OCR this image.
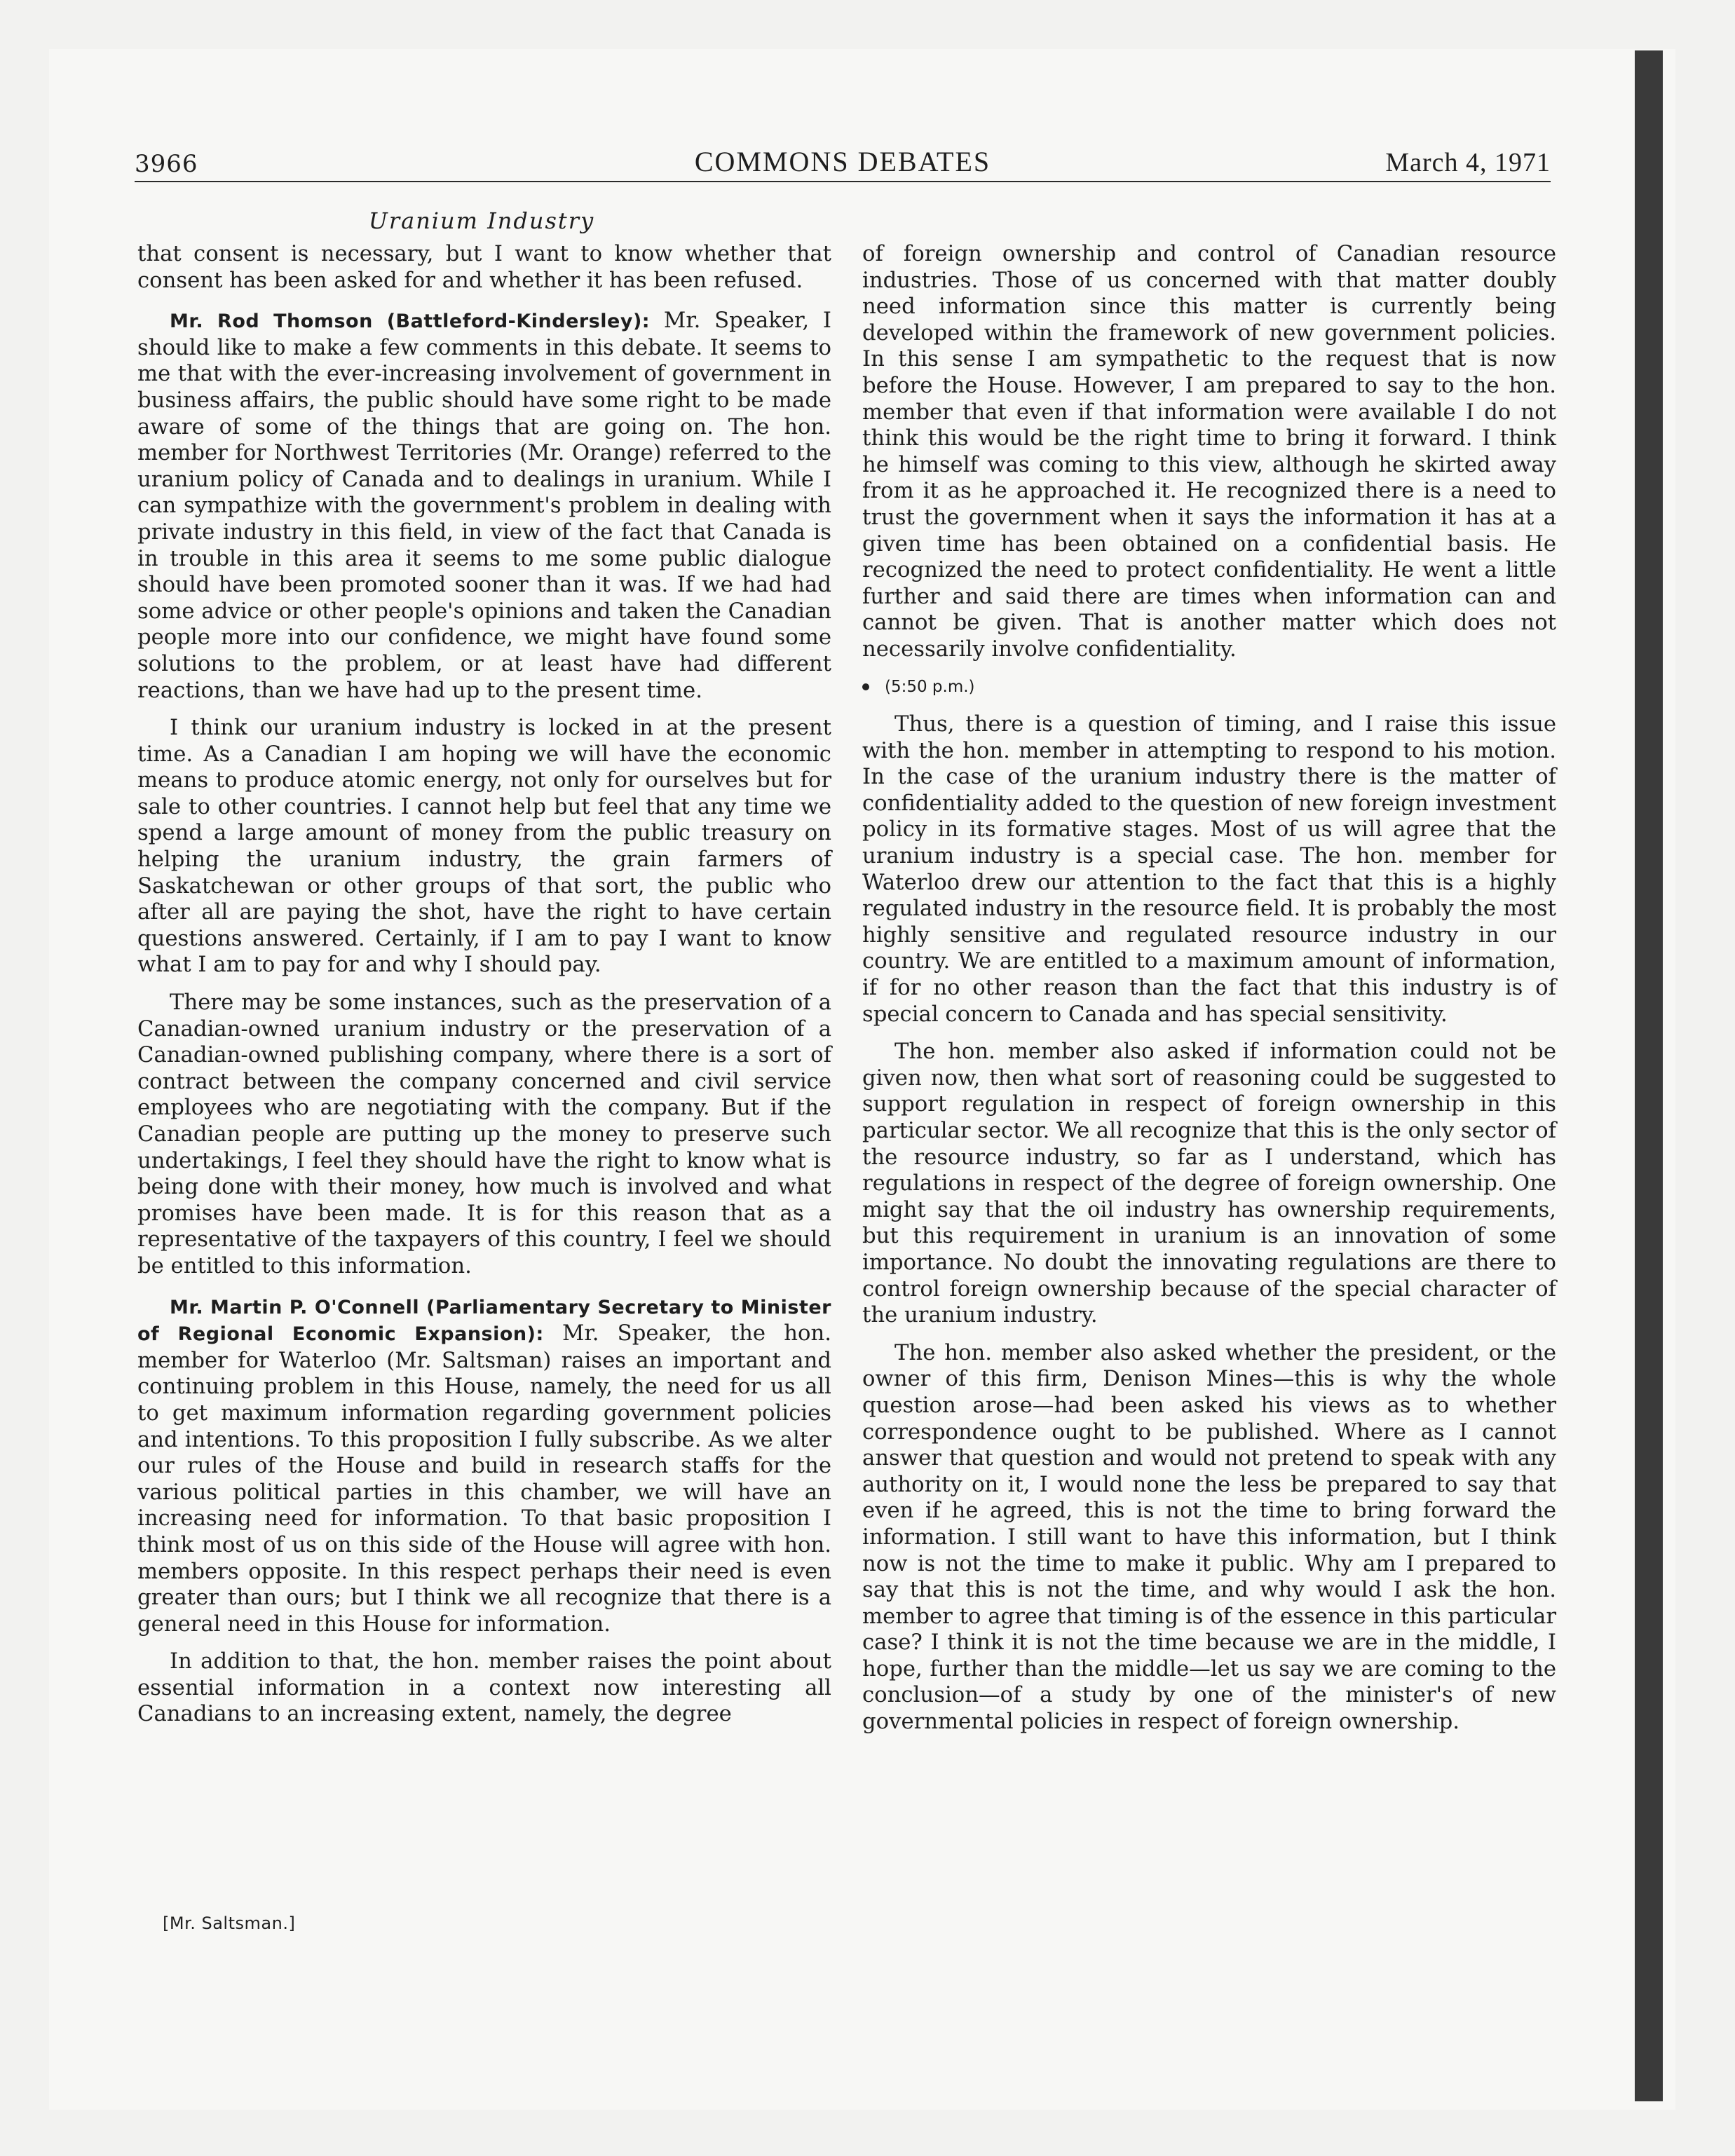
3966	COMMONS DEBATES	March 4, 1971
Uranium Industry

that consent is necessary, but I want to know whether that consent has been asked for and whether it has been refused.

Mr. Rod Thomson (Battleford-Kindersley): Mr. Speaker, I should like to make a few comments in this debate. It seems to me that with the ever-increasing involvement of government in business affairs, the public should have some right to be made aware of some of the things that are going on. The hon. member for Northwest Territories (Mr. Orange) referred to the uranium policy of Canada and to dealings in uranium. While I can sympathize with the government's problem in dealing with private industry in this field, in view of the fact that Canada is in trouble in this area it seems to me some public dialogue should have been promoted sooner than it was. If we had had some advice or other people's opinions and taken the Canadian people more into our confidence, we might have found some solutions to the problem, or at least have had different reactions, than we have had up to the present time.

I think our uranium industry is locked in at the present time. As a Canadian I am hoping we will have the economic means to produce atomic energy, not only for ourselves but for sale to other countries. I cannot help but feel that any time we spend a large amount of money from the public treasury on helping the uranium industry, the grain farmers of Saskatchewan or other groups of that sort, the public who after all are paying the shot, have the right to have certain questions answered. Certainly, if I am to pay I want to know what I am to pay for and why I should pay.

There may be some instances, such as the preservation of a Canadian-owned uranium industry or the preservation of a Canadian-owned publishing company, where there is a sort of contract between the company concerned and civil service employees who are negotiating with the company. But if the Canadian people are putting up the money to preserve such undertakings, I feel they should have the right to know what is being done with their money, how much is involved and what promises have been made. It is for this reason that as a representative of the taxpayers of this country, I feel we should be entitled to this information.

Mr. Martin P. O'Connell (Parliamentary Secretary to Minister of Regional Economic Expansion): Mr. Speaker, the hon. member for Waterloo (Mr. Saltsman) raises an important and continuing problem in this House, namely, the need for us all to get maximum information regarding government policies and intentions. To this proposition I fully subscribe. As we alter our rules of the House and build in research staffs for the various political parties in this chamber, we will have an increasing need for information. To that basic proposition I think most of us on this side of the House will agree with hon. members opposite. In this respect perhaps their need is even greater than ours; but I think we all recognize that there is a general need in this House for information.

In addition to that, the hon. member raises the point about essential information in a context now interesting all Canadians to an increasing extent, namely, the degree

of foreign ownership and control of Canadian resource industries. Those of us concerned with that matter doubly need information since this matter is currently being developed within the framework of new government policies. In this sense I am sympathetic to the request that is now before the House. However, I am prepared to say to the hon. member that even if that information were available I do not think this would be the right time to bring it forward. I think he himself was coming to this view, although he skirted away from it as he approached it. He recognized there is a need to trust the government when it says the information it has at a given time has been obtained on a confidential basis. He recognized the need to protect confidentiality. He went a little further and said there are times when information can and cannot be given. That is another matter which does not necessarily involve confidentiality.

(5:50 p.m.)

Thus, there is a question of timing, and I raise this issue with the hon. member in attempting to respond to his motion. In the case of the uranium industry there is the matter of confidentiality added to the question of new foreign investment policy in its formative stages. Most of us will agree that the uranium industry is a special case. The hon. member for Waterloo drew our attention to the fact that this is a highly regulated industry in the resource field. It is probably the most highly sensitive and regulated resource industry in our country. We are entitled to a maximum amount of information, if for no other reason than the fact that this industry is of special concern to Canada and has special sensitivity.

The hon. member also asked if information could not be given now, then what sort of reasoning could be suggested to support regulation in respect of foreign ownership in this particular sector. We all recognize that this is the only sector of the resource industry, so far as I understand, which has regulations in respect of the degree of foreign ownership. One might say that the oil industry has ownership requirements, but this requirement in uranium is an innovation of some importance. No doubt the innovating regulations are there to control foreign ownership because of the special character of the uranium industry.

The hon. member also asked whether the president, or the owner of this firm, Denison Mines—this is why the whole question arose—had been asked his views as to whether correspondence ought to be published. Where as I cannot answer that question and would not pretend to speak with any authority on it, I would none the less be prepared to say that even if he agreed, this is not the time to bring forward the information. I still want to have this information, but I think now is not the time to make it public. Why am I prepared to say that this is not the time, and why would I ask the hon. member to agree that timing is of the essence in this particular case? I think it is not the time because we are in the middle, I hope, further than the middle—let us say we are coming to the conclusion—of a study by one of the minister's of new governmental policies in respect of foreign ownership.

[Mr. Saltsman.]
